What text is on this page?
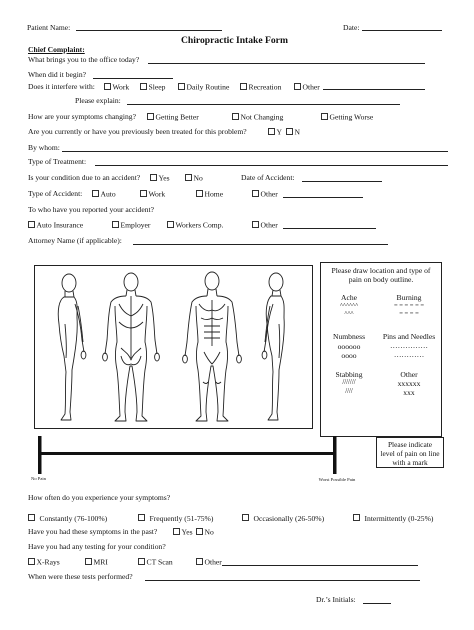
Patient Name:	Date:
Chiropractic Intake Form
Chief Complaint:
What brings you to the office today?
When did it begin?
Does it interfere with:	Work	Sleep	Daily Routine	Recreation	Other
Please explain:
How are your symptoms changing?	Getting Better	Not Changing	Getting Worse
Are you currently or have you previously been treated for this problem?	Y	N
By whom:
Type of Treatment:
Is your condition due to an accident?	Yes	No	Date of Accident:
Type of Accident:	Auto	Work	Home	Other
To who have you reported your accident?
Auto Insurance	Employer	Workers Comp.	Other
Attorney Name (if applicable):
Please draw location and type of
pain on body outline.
Ache
^^^^^^
^^^
Burning
= = = = = =
= = = =
Numbness
oooooo
oooo
Pins and Needles
……………
…………
Stabbing
///////
////
Other
xxxxxx
xxx
No Pain	Worst Possible Pain
Please indicate
level of pain on line
with a mark
How often do you experience your symptoms?
Constantly (76-100%)	Frequently (51-75%)	Occasionally (26-50%)	Intermittently (0-25%)
Have you had these symptoms in the past?	Yes	No
Have you had any testing for your condition?
X-Rays	MRI	CT Scan	Other
When were these tests performed?
Dr.’s Initials:
